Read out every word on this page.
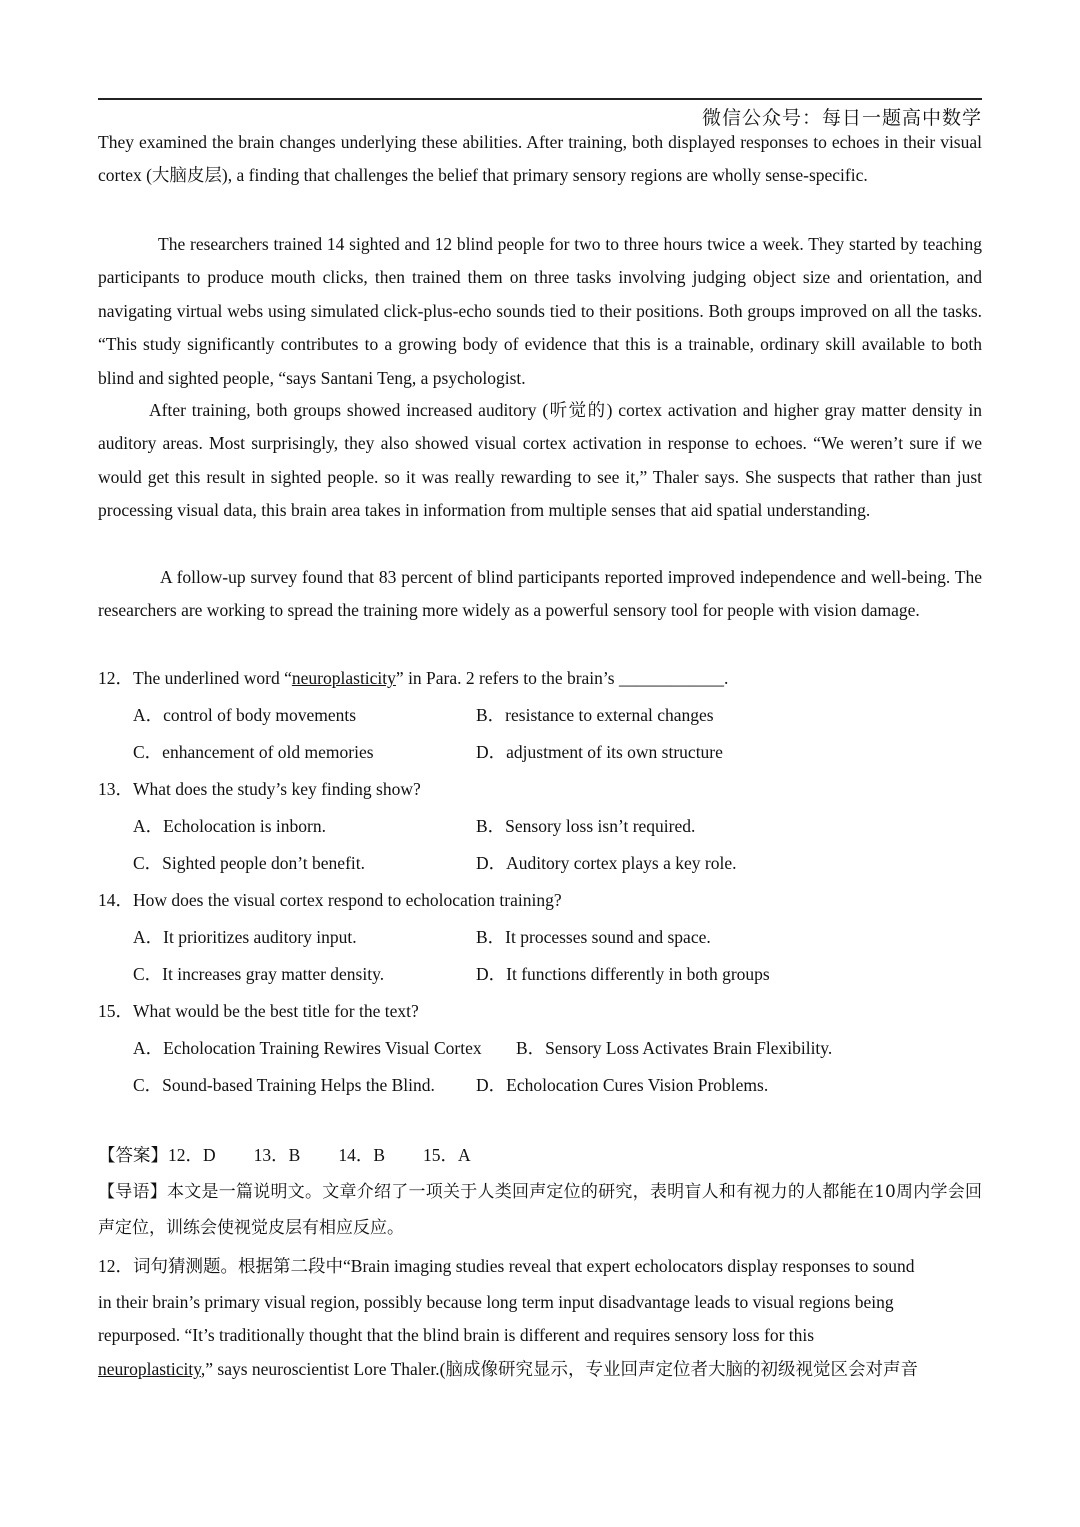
微信公众号：每日一题高中数学

They examined the brain changes underlying these abilities. After training, both displayed responses to echoes in their visual cortex (大脑皮层), a finding that challenges the belief that primary sensory regions are wholly sense-specific.

The researchers trained 14 sighted and 12 blind people for two to three hours twice a week. They started by teaching participants to produce mouth clicks, then trained them on three tasks involving judging object size and orientation, and navigating virtual webs using simulated click-plus-echo sounds tied to their positions. Both groups improved on all the tasks. “This study significantly contributes to a growing body of evidence that this is a trainable, ordinary skill available to both blind and sighted people, “says Santani Teng, a psychologist.

After training, both groups showed increased auditory (听觉的) cortex activation and higher gray matter density in auditory areas. Most surprisingly, they also showed visual cortex activation in response to echoes. “We weren’t sure if we would get this result in sighted people. so it was really rewarding to see it,” Thaler says. She suspects that rather than just processing visual data, this brain area takes in information from multiple senses that aid spatial understanding.

A follow-up survey found that 83 percent of blind participants reported improved independence and well-being. The researchers are working to spread the training more widely as a powerful sensory tool for people with vision damage.

12．The underlined word “neuroplasticity” in Para. 2 refers to the brain’s ____________.
A．control of body movements	B．resistance to external changes
C．enhancement of old memories	D．adjustment of its own structure
13．What does the study’s key finding show?
A．Echolocation is inborn.	B．Sensory loss isn’t required.
C．Sighted people don’t benefit.	D．Auditory cortex plays a key role.
14．How does the visual cortex respond to echolocation training?
A．It prioritizes auditory input.	B．It processes sound and space.
C．It increases gray matter density.	D．It functions differently in both groups
15．What would be the best title for the text?
A．Echolocation Training Rewires Visual Cortex B．Sensory Loss Activates Brain Flexibility.
C．Sound-based Training Helps the Blind. D．Echolocation Cures Vision Problems.
【答案】12．D 13．B 14．B 15．A

【导语】本文是一篇说明文。文章介绍了一项关于人类回声定位的研究，表明盲人和有视力的人都能在10周内学会回声定位，训练会使视觉皮层有相应反应。

12．词句猜测题。根据第二段中“Brain imaging studies reveal that expert echolocators display responses to sound
in their brain’s primary visual region, possibly because long term input disadvantage leads to visual regions being
repurposed. “It’s traditionally thought that the blind brain is different and requires sensory loss for this
neuroplasticity,” says neuroscientist Lore Thaler.(脑成像研究显示，专业回声定位者大脑的初级视觉区会对声音
